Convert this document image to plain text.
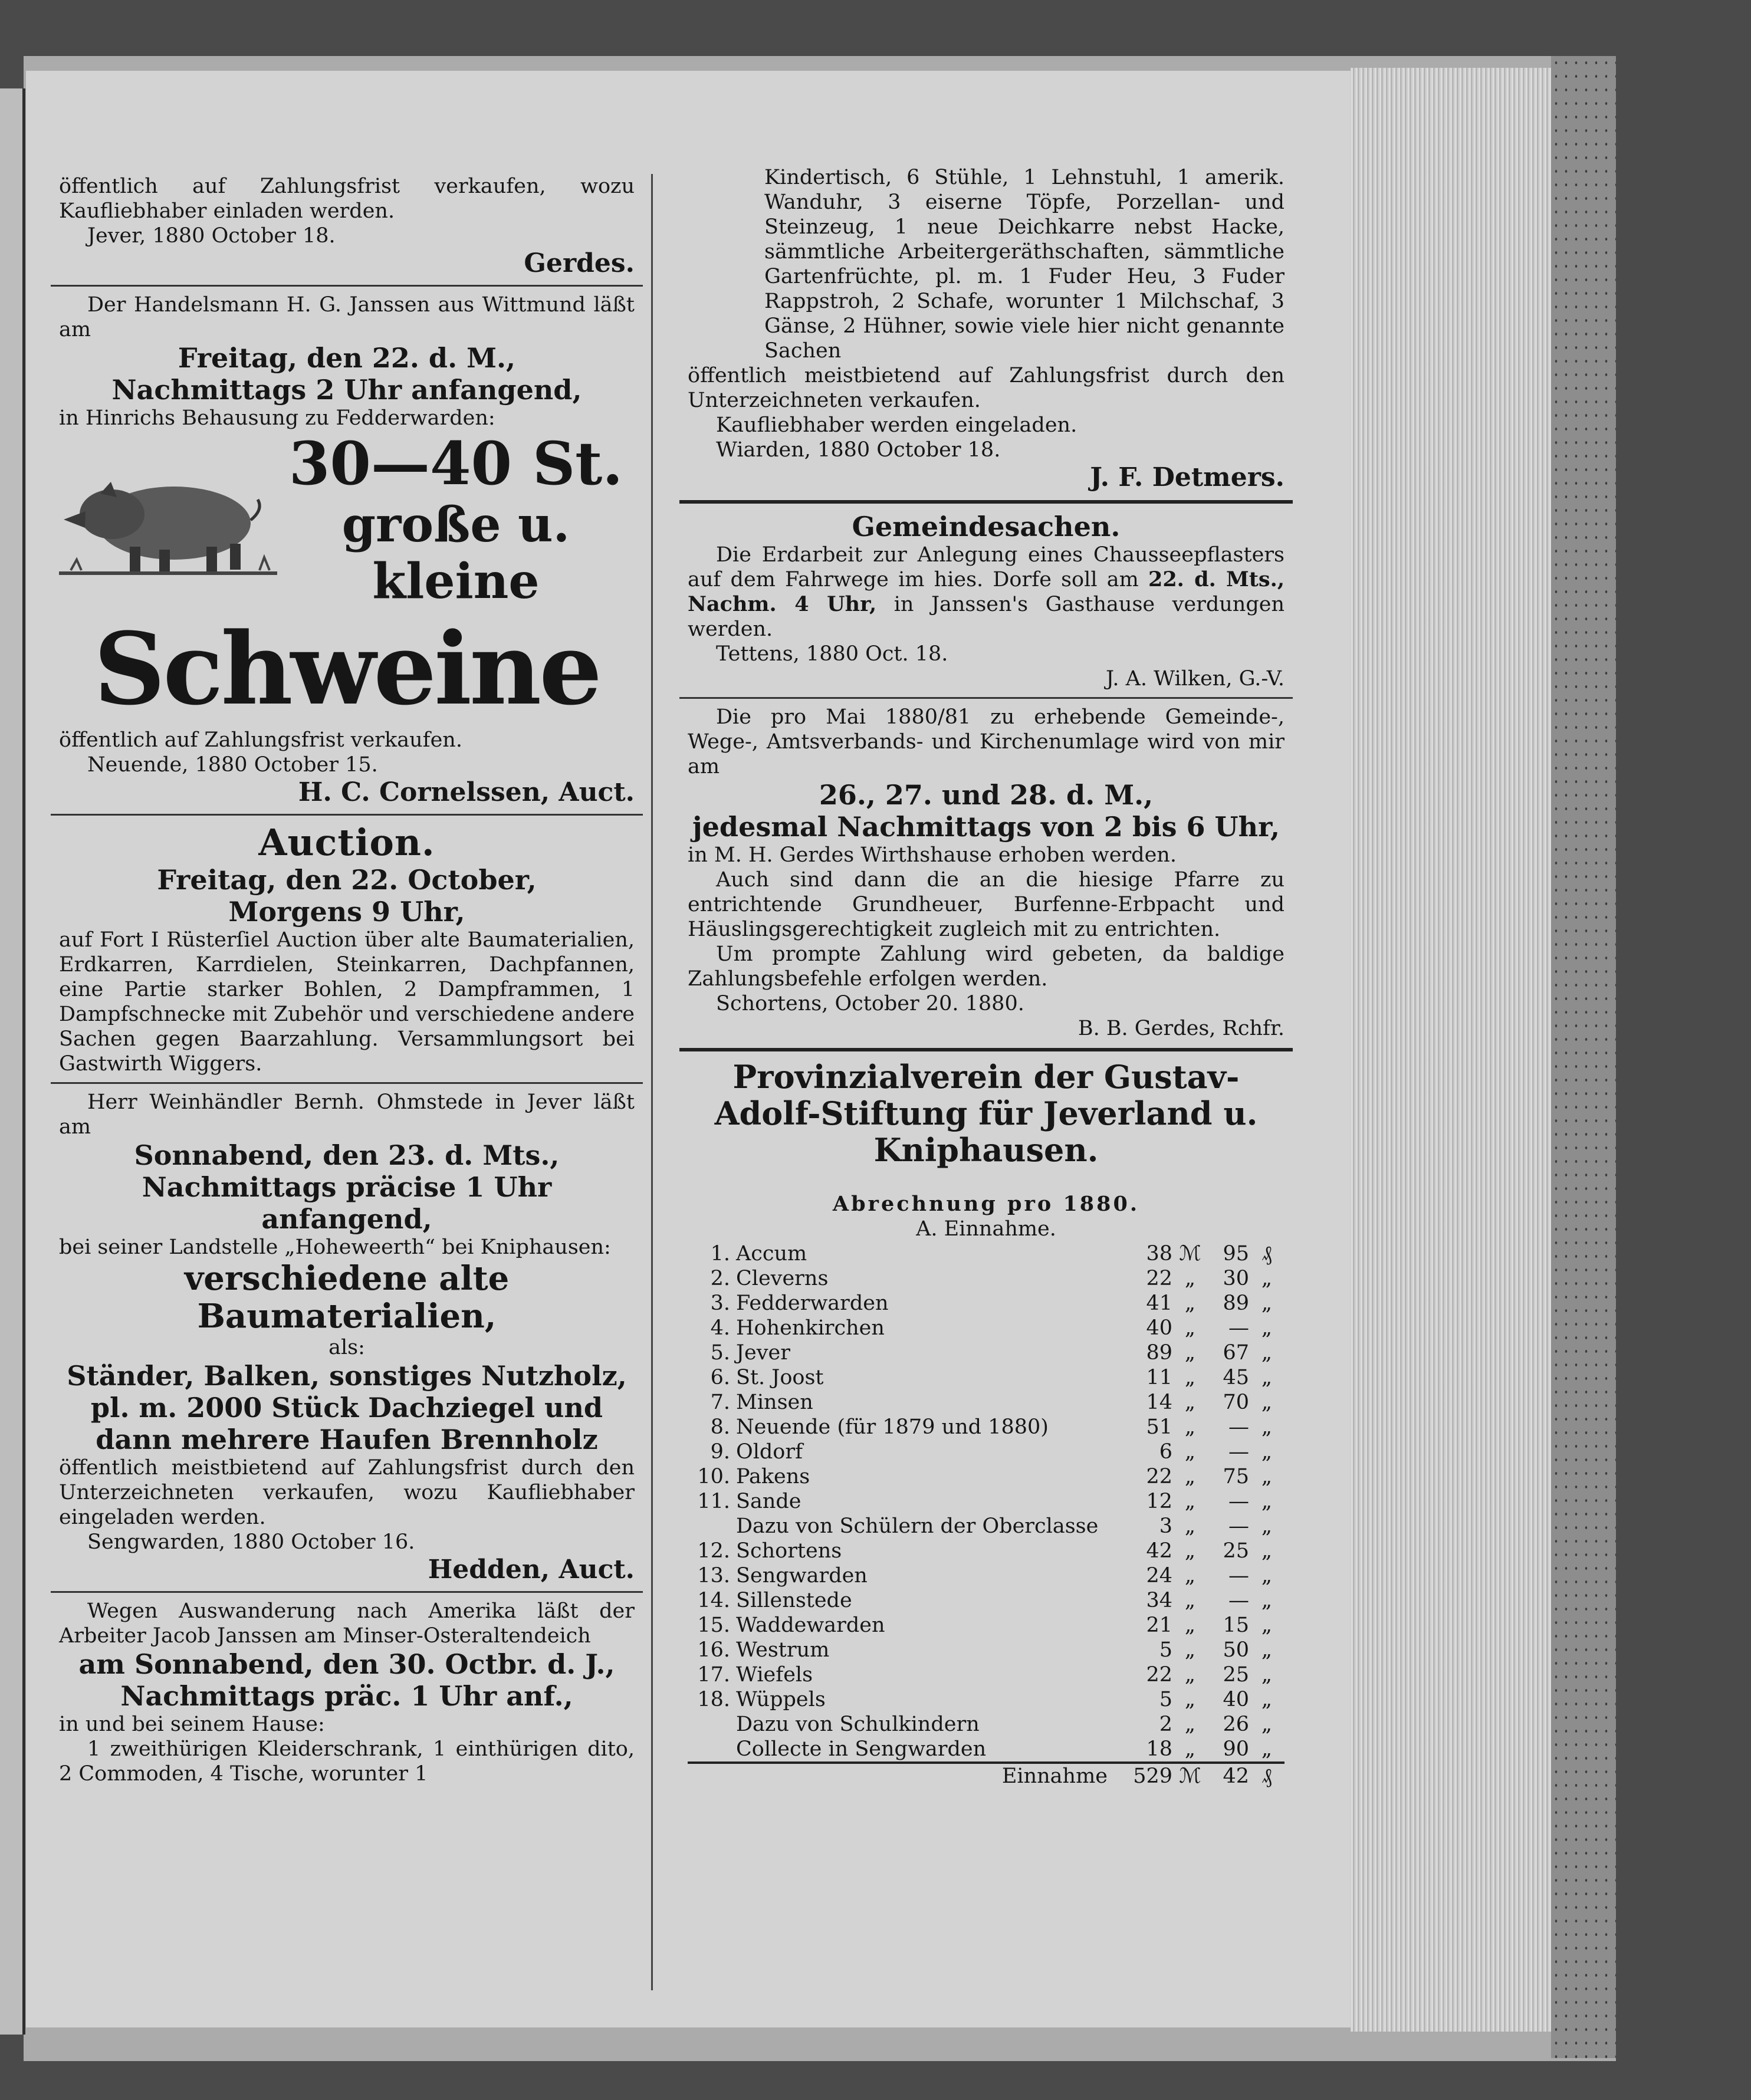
öffentlich auf Zahlungsfrist verkaufen, wozu Kaufliebhaber einladen werden.
Jever, 1880 October 18.
Gerdes.
Der Handelsmann H. G. Janssen aus Wittmund läßt am
Freitag, den 22. d. M.,
Nachmittags 2 Uhr anfangend,
in Hinrichs Behausung zu Fedderwarden:
30—40 St.
große u. kleine
Schweine
öffentlich auf Zahlungsfrist verkaufen.
Neuende, 1880 October 15.
H. C. Cornelssen, Auct.
Auction.
Freitag, den 22. October,
Morgens 9 Uhr,
auf Fort I Rüsterſiel Auction über alte Baumaterialien, Erdkarren, Karrdielen, Steinkarren, Dachpfannen, eine Partie starker Bohlen, 2 Dampframmen, 1 Dampfschnecke mit Zubehör und verschiedene andere Sachen gegen Baarzahlung. Versammlungsort bei Gastwirth Wiggers.
Herr Weinhändler Bernh. Ohmstede in Jever läßt am
Sonnabend, den 23. d. Mts.,
Nachmittags präcise 1 Uhr anfangend,
bei seiner Landstelle „Hoheweerth“ bei Kniphausen:
verschiedene alte Baumaterialien,
als:
Ständer, Balken, sonstiges Nutzholz, pl. m. 2000 Stück Dachziegel und dann mehrere Haufen Brennholz
öffentlich meistbietend auf Zahlungsfrist durch den Unterzeichneten verkaufen, wozu Kaufliebhaber eingeladen werden.
Sengwarden, 1880 October 16.
Hedden, Auct.
Wegen Auswanderung nach Amerika läßt der Arbeiter Jacob Janssen am Minser-Osteraltendeich
am Sonnabend, den 30. Octbr. d. J.,
Nachmittags präc. 1 Uhr anf.,
in und bei seinem Hause:
1 zweithürigen Kleiderschrank, 1 einthürigen dito, 2 Commoden, 4 Tische, worunter 1
Kindertisch, 6 Stühle, 1 Lehnstuhl, 1 amerik. Wanduhr, 3 eiserne Töpfe, Porzellan- und Steinzeug, 1 neue Deichkarre nebst Hacke, sämmtliche Arbeitergeräthschaften, sämmtliche Gartenfrüchte, pl. m. 1 Fuder Heu, 3 Fuder Rappstroh, 2 Schafe, worunter 1 Milchschaf, 3 Gänse, 2 Hühner, sowie viele hier nicht genannte Sachen
öffentlich meistbietend auf Zahlungsfrist durch den Unterzeichneten verkaufen.
Kaufliebhaber werden eingeladen.
Wiarden, 1880 October 18.
J. F. Detmers.
Gemeindesachen.
Die Erdarbeit zur Anlegung eines Chausseepflasters auf dem Fahrwege im hies. Dorfe soll am 22. d. Mts., Nachm. 4 Uhr, in Janssen's Gasthause verdungen werden.
Tettens, 1880 Oct. 18.
J. A. Wilken, G.-V.
Die pro Mai 1880/81 zu erhebende Gemeinde-, Wege-, Amtsverbands- und Kirchenumlage wird von mir am
26., 27. und 28. d. M.,
jedesmal Nachmittags von 2 bis 6 Uhr,
in M. H. Gerdes Wirthshause erhoben werden.
Auch sind dann die an die hiesige Pfarre zu entrichtende Grundheuer, Burfenne-Erbpacht und Häuslingsgerechtigkeit zugleich mit zu entrichten.
Um prompte Zahlung wird gebeten, da baldige Zahlungsbefehle erfolgen werden.
Schortens, October 20. 1880.
B. B. Gerdes, Rchfr.
Provinzialverein der Gustav-Adolf-Stiftung für Jeverland u. Kniphausen.
Abrechnung pro 1880.
A. Einnahme.
1.	Accum	38	ℳ	95	₰
2.	Cleverns	22	„	30	„
3.	Fedderwarden	41	„	89	„
4.	Hohenkirchen	40	„	—	„
5.	Jever	89	„	67	„
6.	St. Joost	11	„	45	„
7.	Minsen	14	„	70	„
8.	Neuende (für 1879 und 1880)	51	„	—	„
9.	Oldorf	6	„	—	„
10.	Pakens	22	„	75	„
11.	Sande	12	„	—	„
	Dazu von Schülern der Oberclasse	3	„	—	„
12.	Schortens	42	„	25	„
13.	Sengwarden	24	„	—	„
14.	Sillenstede	34	„	—	„
15.	Waddewarden	21	„	15	„
16.	Westrum	5	„	50	„
17.	Wiefels	22	„	25	„
18.	Wüppels	5	„	40	„
	Dazu von Schulkindern	2	„	26	„
	Collecte in Sengwarden	18	„	90	„
	Einnahme	529	ℳ	42	₰
